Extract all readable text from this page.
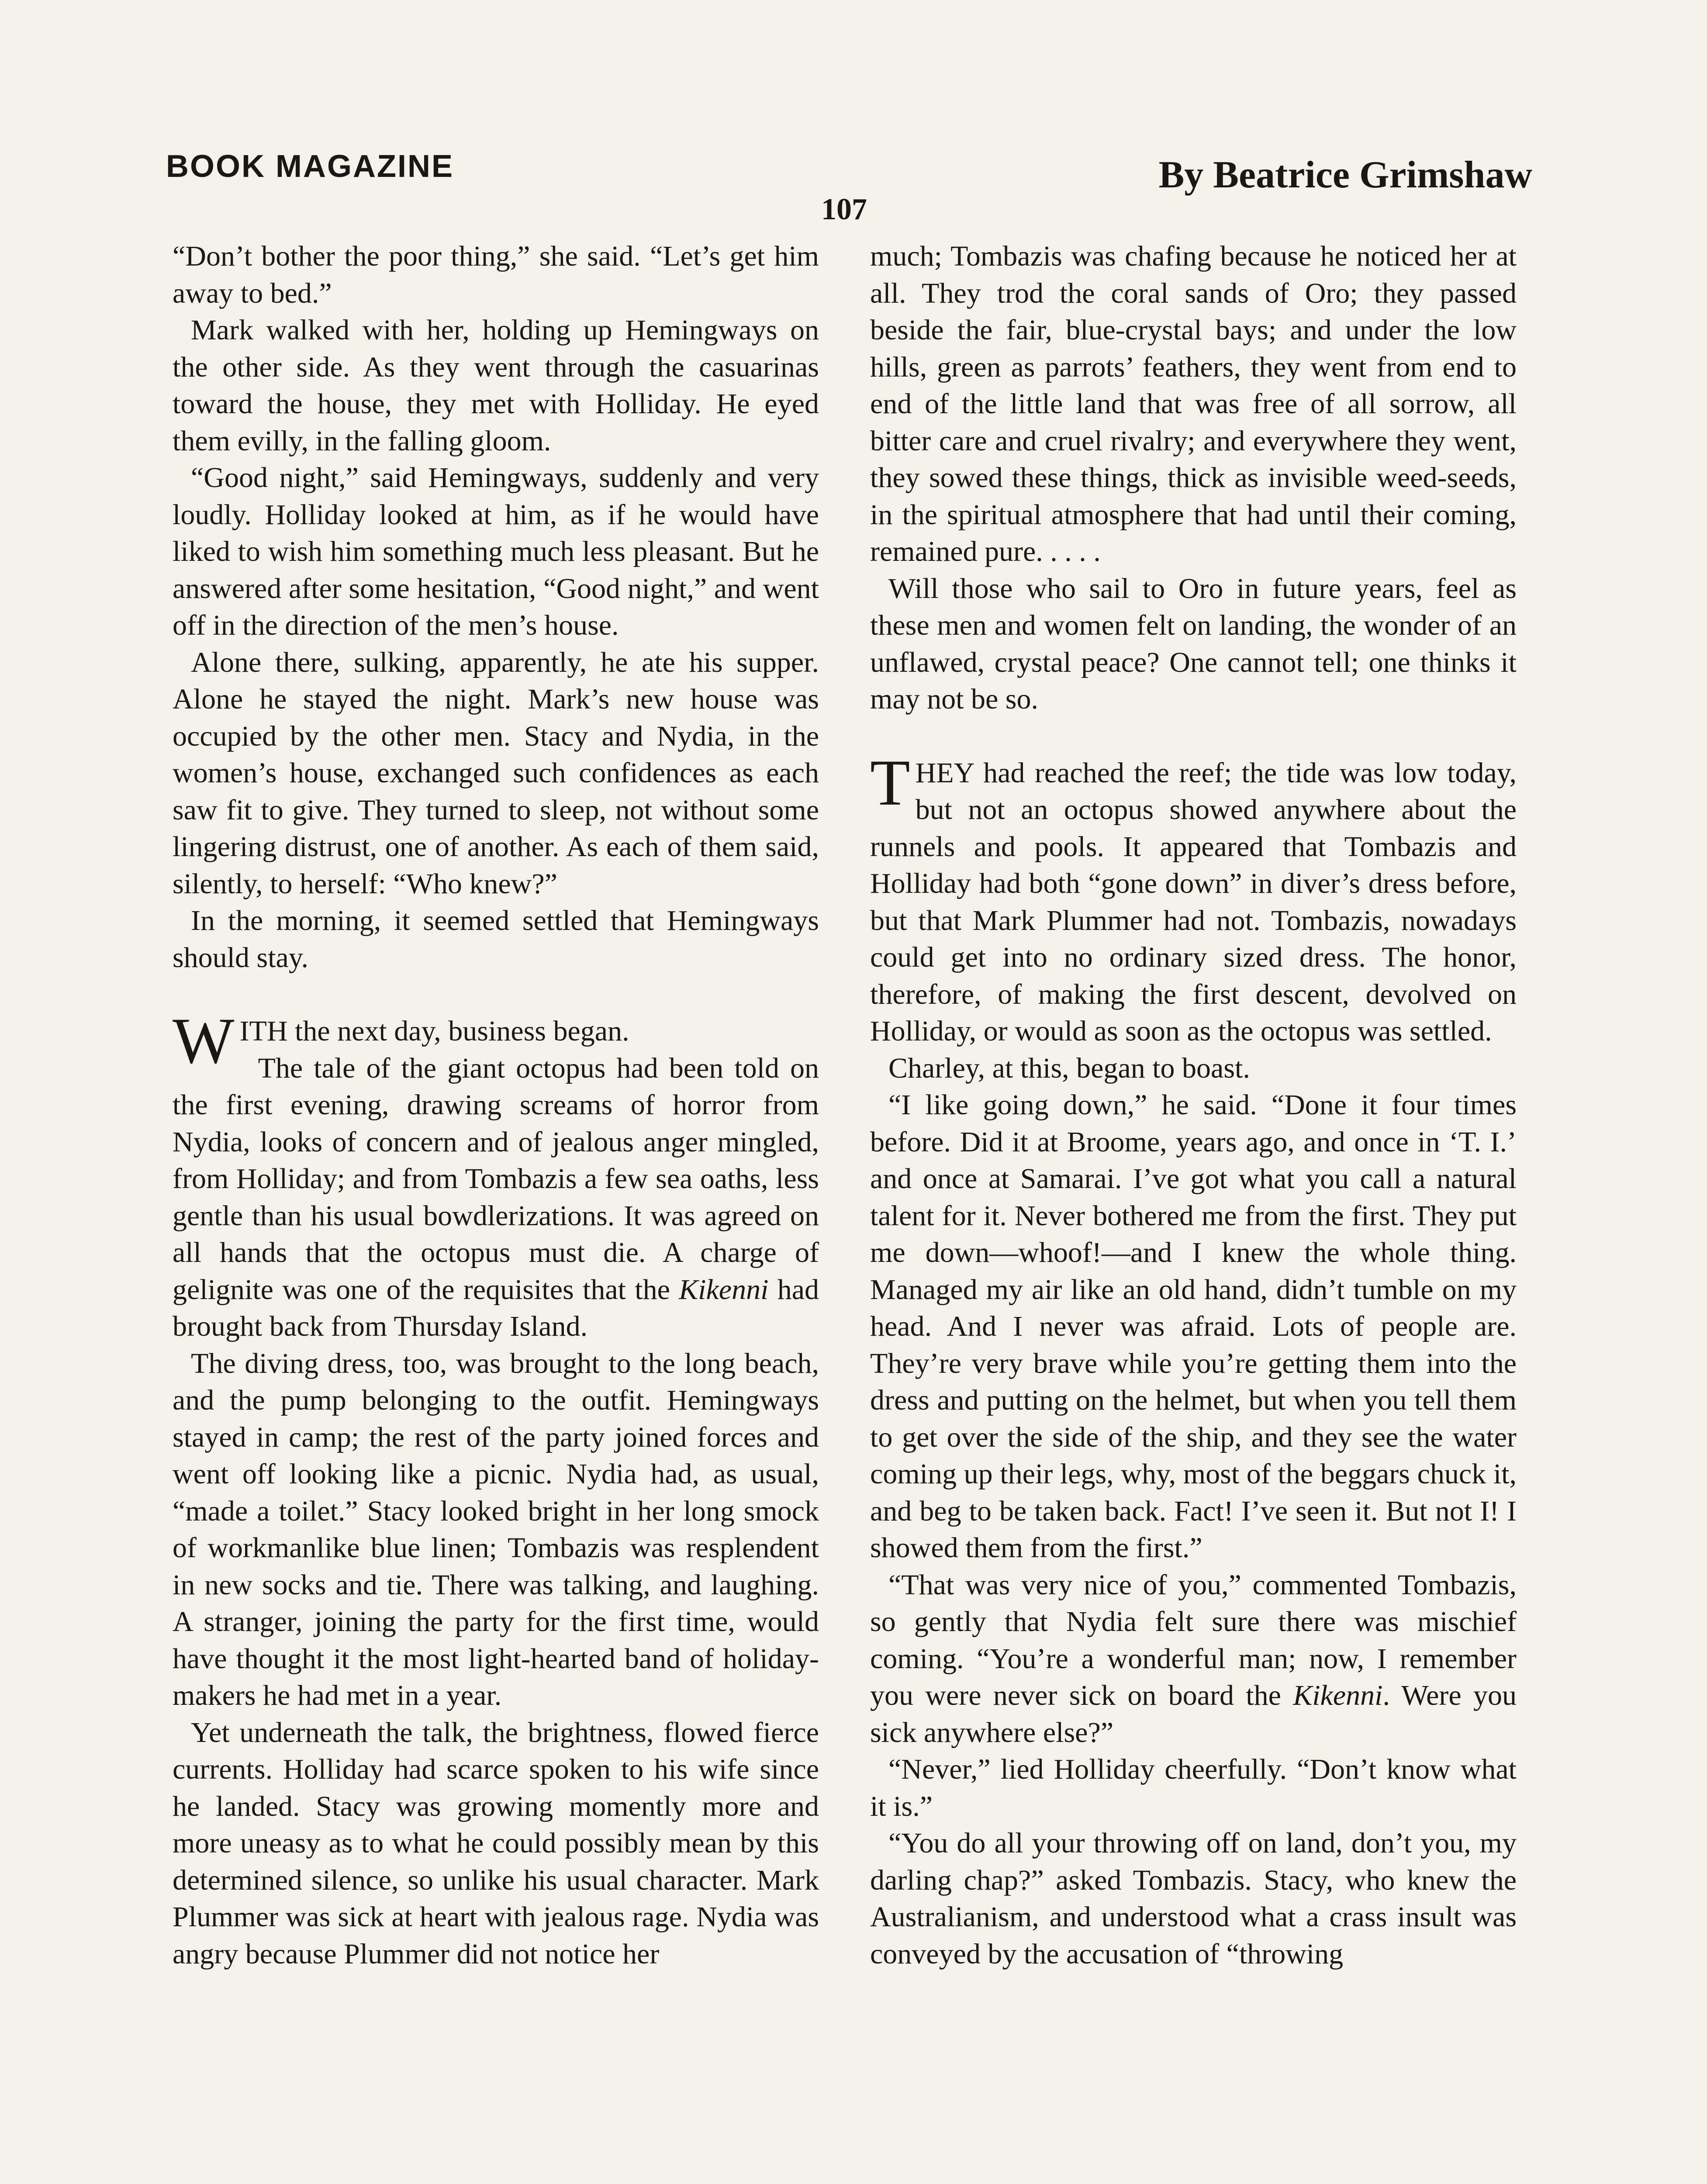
BOOK MAGAZINE	By Beatrice Grimshaw
107

“Don’t bother the poor thing,” she said. “Let’s get him away to bed.”

Mark walked with her, holding up Hemingways on the other side. As they went through the casuarinas toward the house, they met with Holliday. He eyed them evilly, in the falling gloom.

“Good night,” said Hemingways, suddenly and very loudly. Holliday looked at him, as if he would have liked to wish him something much less pleasant. But he answered after some hesitation, “Good night,” and went off in the direction of the men’s house.

Alone there, sulking, apparently, he ate his supper. Alone he stayed the night. Mark’s new house was occupied by the other men. Stacy and Nydia, in the women’s house, exchanged such confidences as each saw fit to give. They turned to sleep, not without some lingering distrust, one of another. As each of them said, silently, to herself: “Who knew?”

In the morning, it seemed settled that Hemingways should stay.

WITH the next day, business began.

The tale of the giant octopus had been told on the first evening, drawing screams of horror from Nydia, looks of concern and of jealous anger mingled, from Holliday; and from Tombazis a few sea oaths, less gentle than his usual bowdlerizations. It was agreed on all hands that the octopus must die. A charge of gelignite was one of the requisites that the Kikenni had brought back from Thursday Island.

The diving dress, too, was brought to the long beach, and the pump belonging to the outfit. Hemingways stayed in camp; the rest of the party joined forces and went off looking like a picnic. Nydia had, as usual, “made a toilet.” Stacy looked bright in her long smock of workmanlike blue linen; Tombazis was resplendent in new socks and tie. There was talking, and laughing. A stranger, joining the party for the first time, would have thought it the most light-hearted band of holiday-makers he had met in a year.

Yet underneath the talk, the brightness, flowed fierce currents. Holliday had scarce spoken to his wife since he landed. Stacy was growing momently more and more uneasy as to what he could possibly mean by this determined silence, so unlike his usual character. Mark Plummer was sick at heart with jealous rage. Nydia was angry because Plummer did not notice her

much; Tombazis was chafing because he noticed her at all. They trod the coral sands of Oro; they passed beside the fair, blue-crystal bays; and under the low hills, green as parrots’ feathers, they went from end to end of the little land that was free of all sorrow, all bitter care and cruel rivalry; and everywhere they went, they sowed these things, thick as invisible weed-seeds, in the spiritual atmosphere that had until their coming, remained pure. . . . .

Will those who sail to Oro in future years, feel as these men and women felt on landing, the wonder of an unflawed, crystal peace? One cannot tell; one thinks it may not be so.

THEY had reached the reef; the tide was low today, but not an octopus showed anywhere about the runnels and pools. It appeared that Tombazis and Holliday had both “gone down” in diver’s dress before, but that Mark Plummer had not. Tombazis, nowadays could get into no ordinary sized dress. The honor, therefore, of making the first descent, devolved on Holliday, or would as soon as the octopus was settled.

Charley, at this, began to boast.

“I like going down,” he said. “Done it four times before. Did it at Broome, years ago, and once in ‘T. I.’ and once at Samarai. I’ve got what you call a natural talent for it. Never bothered me from the first. They put me down—whoof!—and I knew the whole thing. Managed my air like an old hand, didn’t tumble on my head. And I never was afraid. Lots of people are. They’re very brave while you’re getting them into the dress and putting on the helmet, but when you tell them to get over the side of the ship, and they see the water coming up their legs, why, most of the beggars chuck it, and beg to be taken back. Fact! I’ve seen it. But not I! I showed them from the first.”

“That was very nice of you,” commented Tombazis, so gently that Nydia felt sure there was mischief coming. “You’re a wonderful man; now, I remember you were never sick on board the Kikenni. Were you sick anywhere else?”

“Never,” lied Holliday cheerfully. “Don’t know what it is.”

“You do all your throwing off on land, don’t you, my darling chap?” asked Tombazis. Stacy, who knew the Australianism, and understood what a crass insult was conveyed by the accusation of “throwing
